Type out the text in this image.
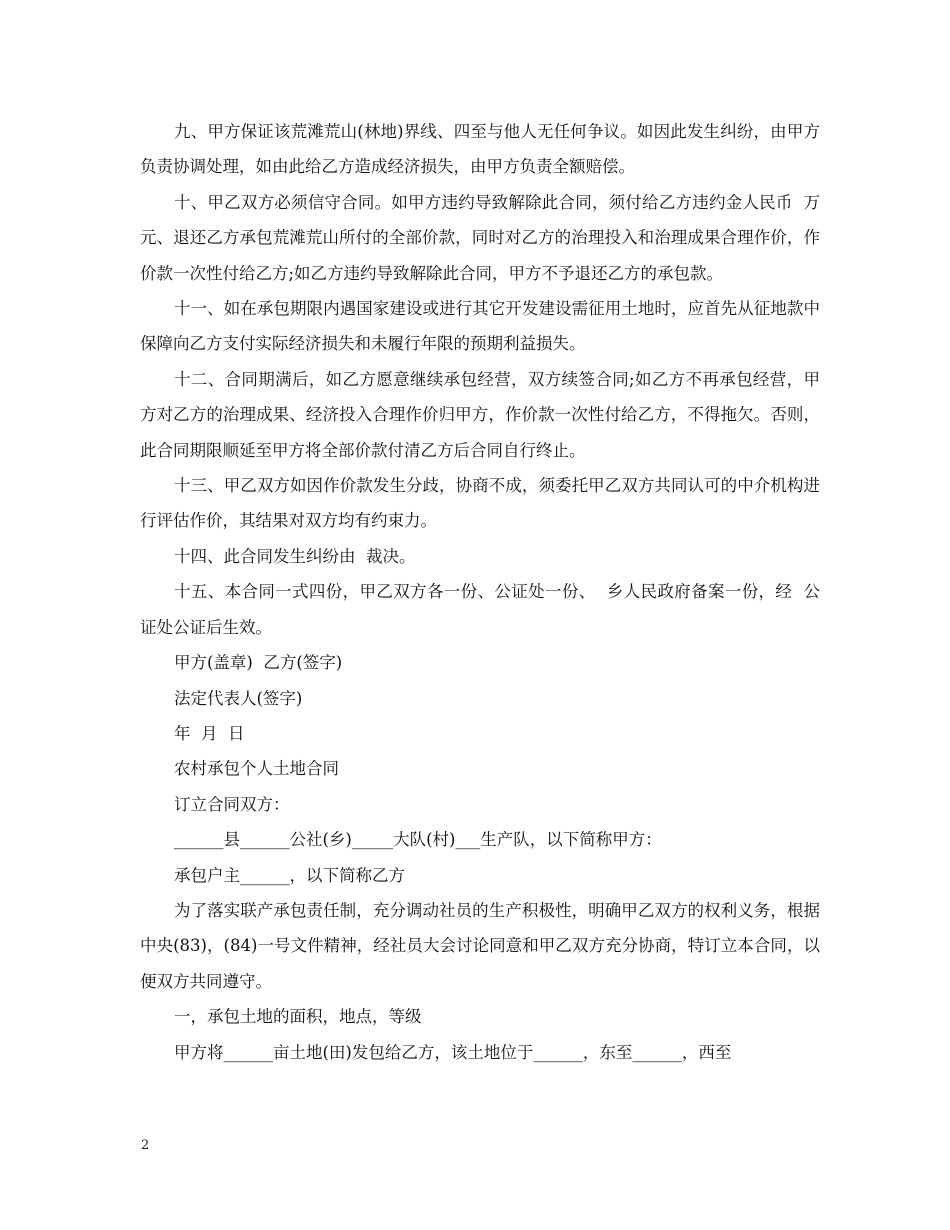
九、甲方保证该荒滩荒山(林地)界线、四至与他人无任何争议。如因此发生纠纷，由甲方负责协调处理，如由此给乙方造成经济损失，由甲方负责全额赔偿。

十、甲乙双方必须信守合同。如甲方违约导致解除此合同，须付给乙方违约金人民币  万元、退还乙方承包荒滩荒山所付的全部价款，同时对乙方的治理投入和治理成果合理作价，作价款一次性付给乙方;如乙方违约导致解除此合同，甲方不予退还乙方的承包款。

十一、如在承包期限内遇国家建设或进行其它开发建设需征用土地时，应首先从征地款中保障向乙方支付实际经济损失和未履行年限的预期利益损失。

十二、合同期满后，如乙方愿意继续承包经营，双方续签合同;如乙方不再承包经营，甲方对乙方的治理成果、经济投入合理作价归甲方，作价款一次性付给乙方，不得拖欠。否则，此合同期限顺延至甲方将全部价款付清乙方后合同自行终止。

十三、甲乙双方如因作价款发生分歧，协商不成，须委托甲乙双方共同认可的中介机构进行评估作价，其结果对双方均有约束力。

十四、此合同发生纠纷由  裁决。

十五、本合同一式四份，甲乙双方各一份、公证处一份、  乡人民政府备案一份，经  公证处公证后生效。

甲方(盖章)  乙方(签字)

法定代表人(签字)

年  月  日

农村承包个人土地合同

订立合同双方：

______县______公社(乡)_____大队(村)___生产队，以下简称甲方：

承包户主______，以下简称乙方

为了落实联产承包责任制，充分调动社员的生产积极性，明确甲乙双方的权利义务，根据中央(83)，(84)一号文件精神，经社员大会讨论同意和甲乙双方充分协商，特订立本合同，以便双方共同遵守。

一，承包土地的面积，地点，等级

甲方将______亩土地(田)发包给乙方，该土地位于______，东至______，西至

2
